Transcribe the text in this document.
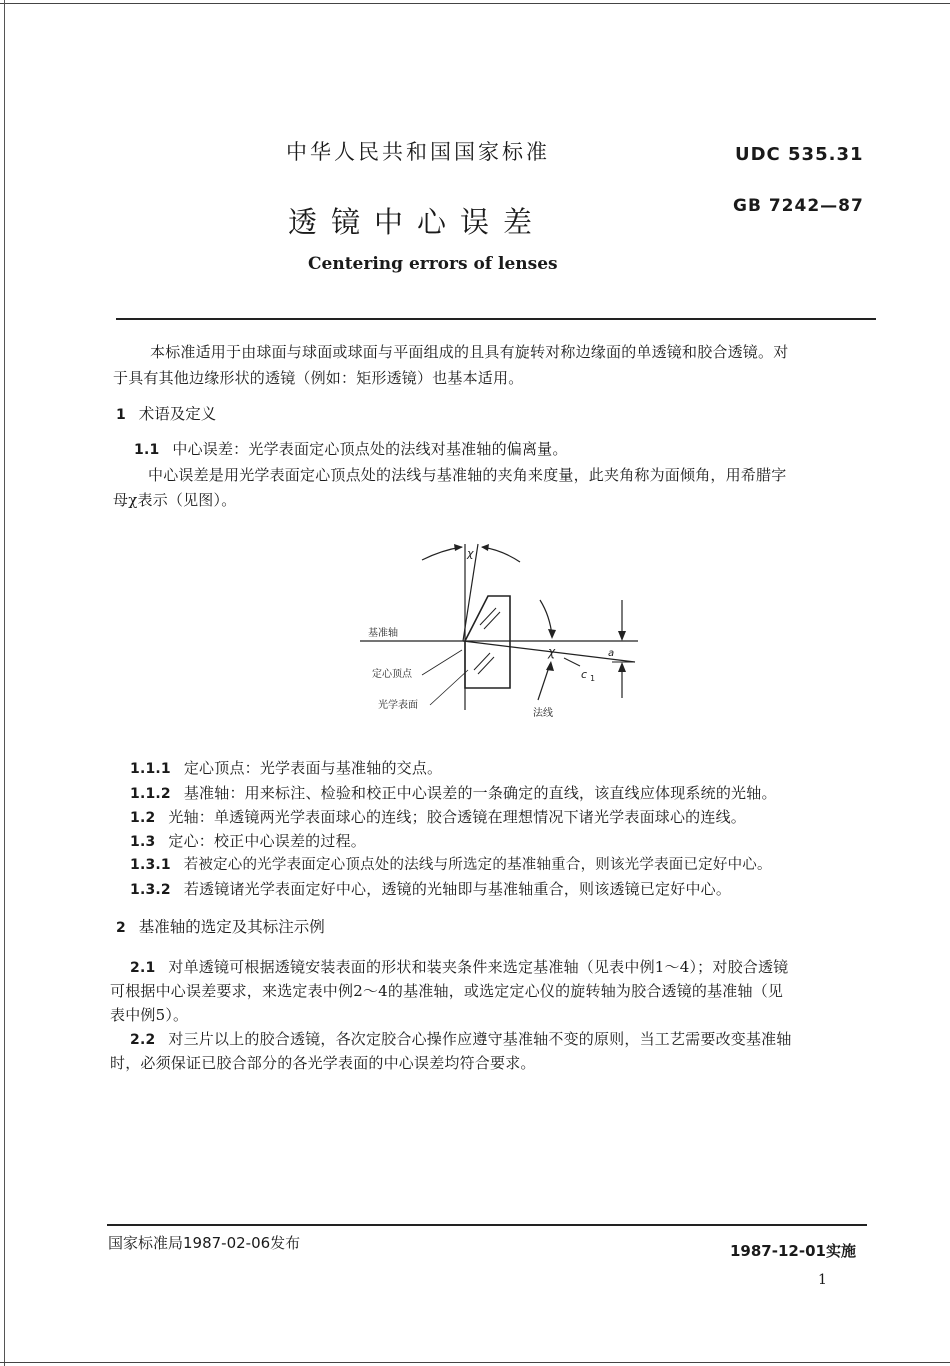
中华人民共和国国家标准	UDC 535.31
GB 7242—87
透镜中心误差
Centering errors of lenses
本标准适用于由球面与球面或球面与平面组成的且具有旋转对称边缘面的单透镜和胶合透镜。对
于具有其他边缘形状的透镜（例如：矩形透镜）也基本适用。
1 术语及定义
1.1 中心误差：光学表面定心顶点处的法线对基准轴的偏离量。
中心误差是用光学表面定心顶点处的法线与基准轴的夹角来度量，此夹角称为面倾角，用希腊字
母χ表示（见图）。
χ
χ	a
c 1
基准轴
定心顶点
光学表面
法线
1.1.1 定心顶点：光学表面与基准轴的交点。
1.1.2 基准轴：用来标注、检验和校正中心误差的一条确定的直线，该直线应体现系统的光轴。
1.2 光轴：单透镜两光学表面球心的连线；胶合透镜在理想情况下诸光学表面球心的连线。
1.3 定心：校正中心误差的过程。
1.3.1 若被定心的光学表面定心顶点处的法线与所选定的基准轴重合，则该光学表面已定好中心。
1.3.2 若透镜诸光学表面定好中心，透镜的光轴即与基准轴重合，则该透镜已定好中心。
2 基准轴的选定及其标注示例
2.1 对单透镜可根据透镜安装表面的形状和装夹条件来选定基准轴（见表中例1～4）；对胶合透镜
可根据中心误差要求，来选定表中例2～4的基准轴，或选定定心仪的旋转轴为胶合透镜的基准轴（见
表中例5）。
2.2 对三片以上的胶合透镜，各次定胶合心操作应遵守基准轴不变的原则，当工艺需要改变基准轴
时，必须保证已胶合部分的各光学表面的中心误差均符合要求。
国家标准局1987-02-06发布	1987-12-01实施
1
